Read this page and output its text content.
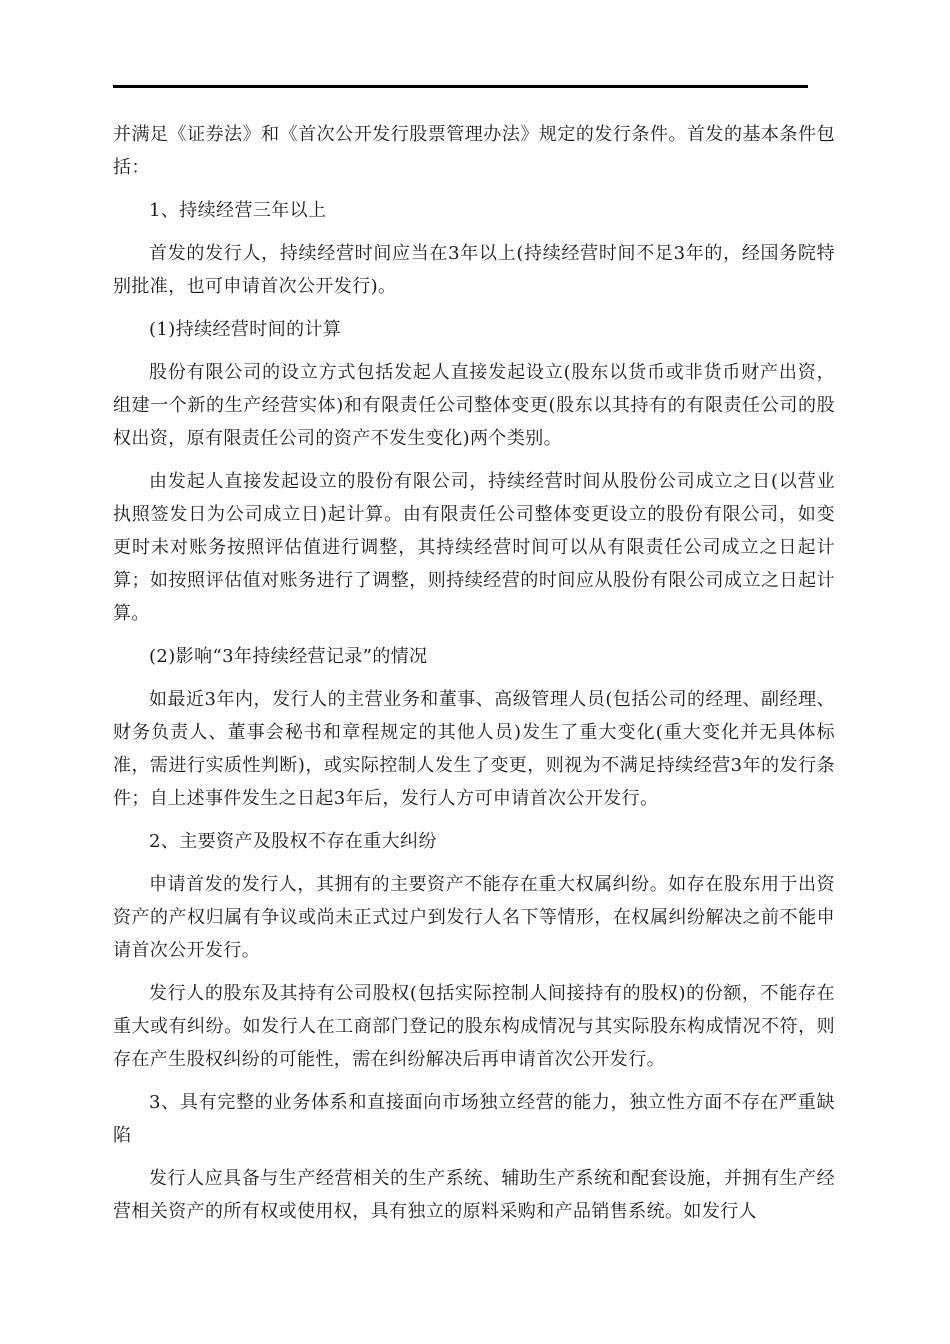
并满足《证券法》和《首次公开发行股票管理办法》规定的发行条件。首发的基本条件包括：

1、持续经营三年以上

首发的发行人，持续经营时间应当在3年以上(持续经营时间不足3年的，经国务院特别批准，也可申请首次公开发行)。

(1)持续经营时间的计算

股份有限公司的设立方式包括发起人直接发起设立(股东以货币或非货币财产出资，组建一个新的生产经营实体)和有限责任公司整体变更(股东以其持有的有限责任公司的股权出资，原有限责任公司的资产不发生变化)两个类别。

由发起人直接发起设立的股份有限公司，持续经营时间从股份公司成立之日(以营业执照签发日为公司成立日)起计算。由有限责任公司整体变更设立的股份有限公司，如变更时未对账务按照评估值进行调整，其持续经营时间可以从有限责任公司成立之日起计算；如按照评估值对账务进行了调整，则持续经营的时间应从股份有限公司成立之日起计算。

(2)影响“3年持续经营记录”的情况

如最近3年内，发行人的主营业务和董事、高级管理人员(包括公司的经理、副经理、财务负责人、董事会秘书和章程规定的其他人员)发生了重大变化(重大变化并无具体标准，需进行实质性判断)，或实际控制人发生了变更，则视为不满足持续经营3年的发行条件；自上述事件发生之日起3年后，发行人方可申请首次公开发行。

2、主要资产及股权不存在重大纠纷

申请首发的发行人，其拥有的主要资产不能存在重大权属纠纷。如存在股东用于出资资产的产权归属有争议或尚未正式过户到发行人名下等情形，在权属纠纷解决之前不能申请首次公开发行。

发行人的股东及其持有公司股权(包括实际控制人间接持有的股权)的份额，不能存在重大或有纠纷。如发行人在工商部门登记的股东构成情况与其实际股东构成情况不符，则存在产生股权纠纷的可能性，需在纠纷解决后再申请首次公开发行。

3、具有完整的业务体系和直接面向市场独立经营的能力，独立性方面不存在严重缺陷

发行人应具备与生产经营相关的生产系统、辅助生产系统和配套设施，并拥有生产经营相关资产的所有权或使用权，具有独立的原料采购和产品销售系统。如发行人
